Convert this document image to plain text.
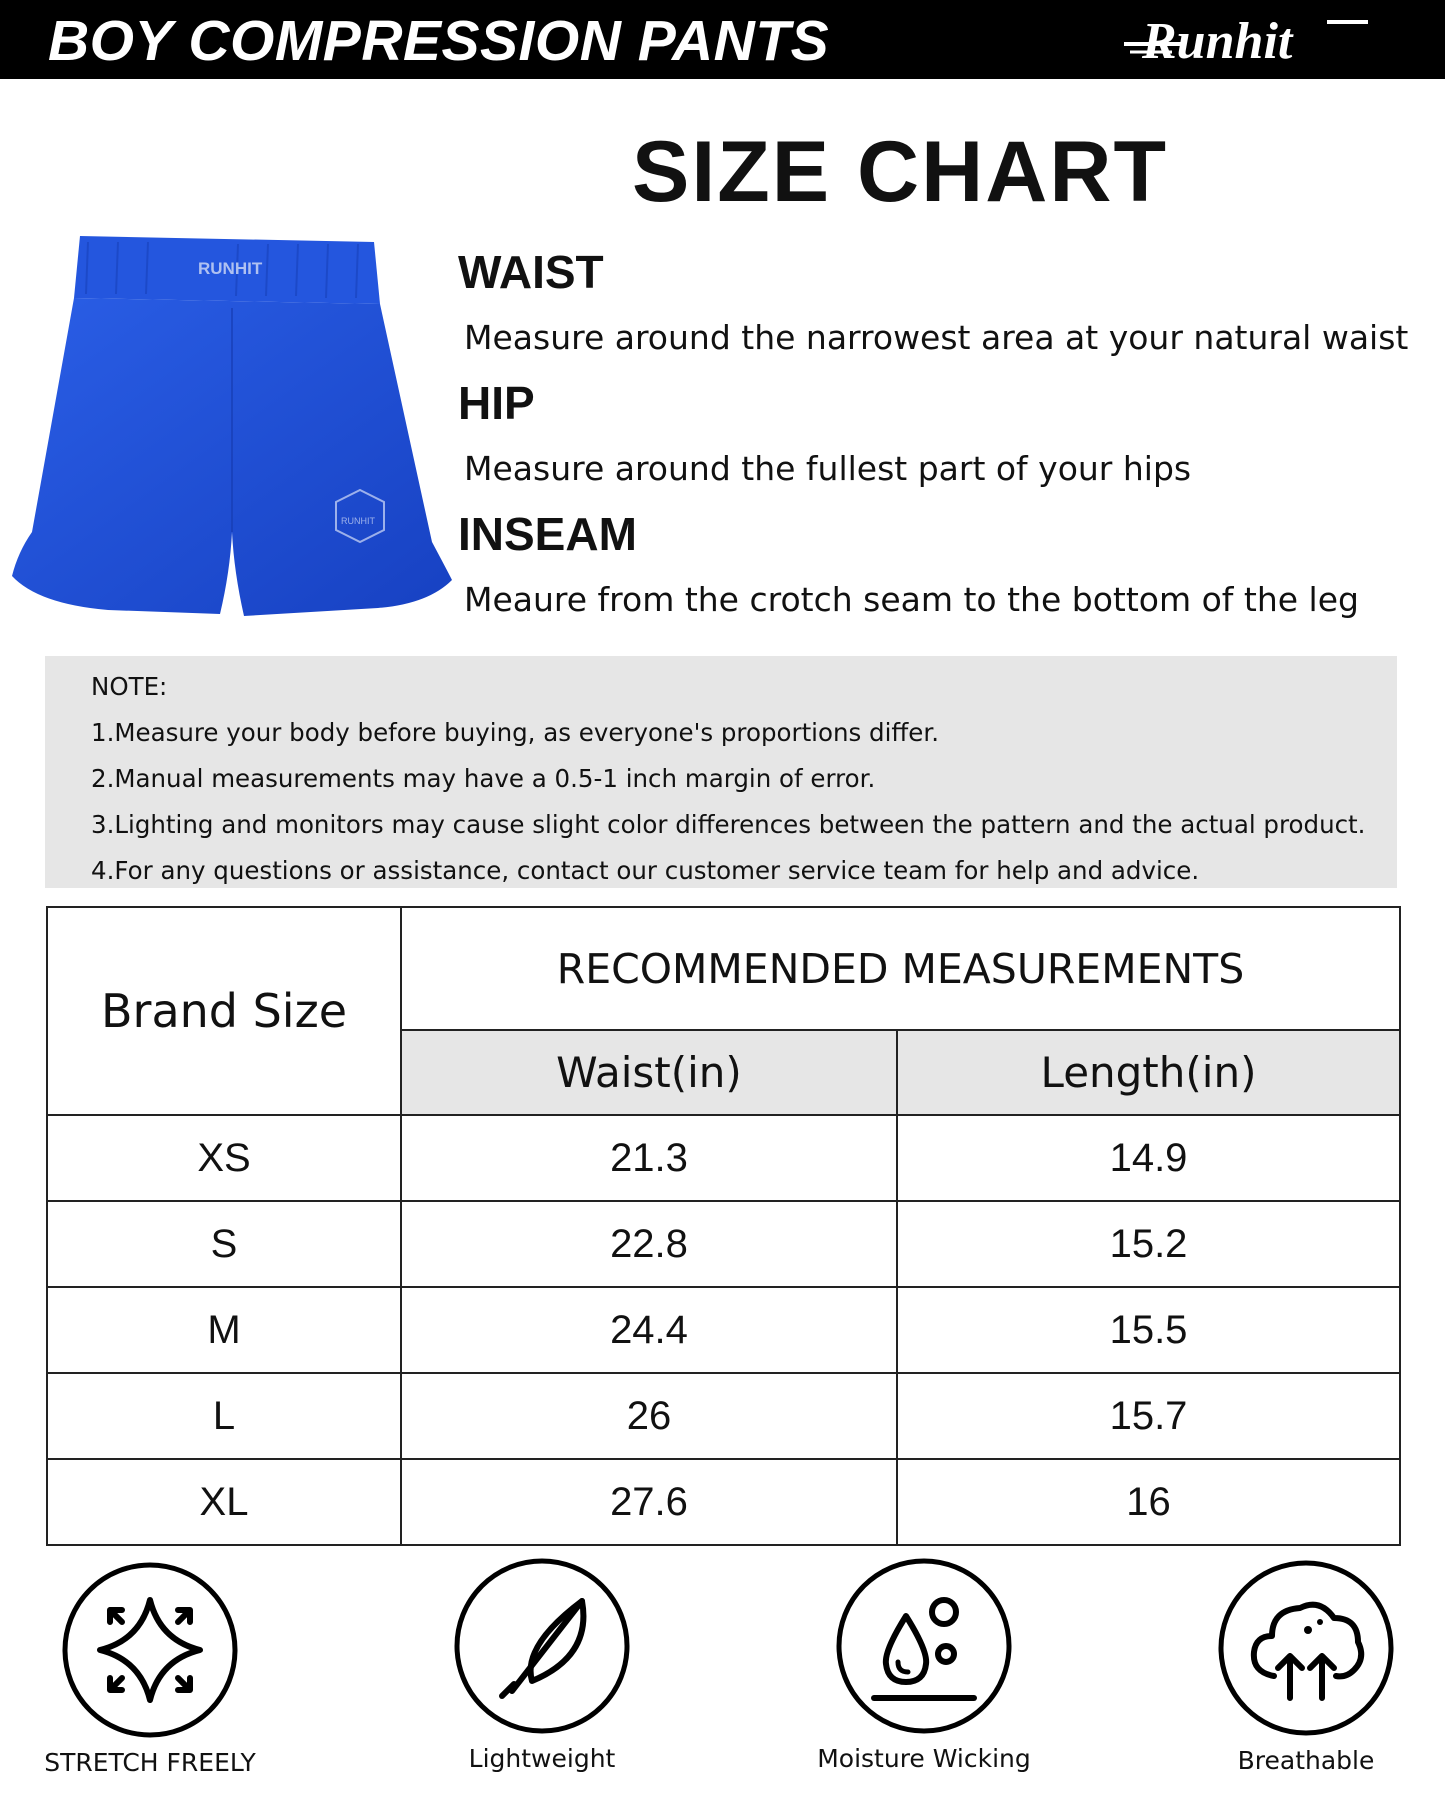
BOY COMPRESSION PANTS	Runhit
SIZE CHART
RUNHIT
RUNHIT
WAIST
Measure around the narrowest area at your natural waist
HIP
Measure around the fullest part of your hips
INSEAM
Meaure from the crotch seam to the bottom of the leg
NOTE:
1.Measure your body before buying, as everyone's proportions differ.
2.Manual measurements may have a 0.5-1 inch margin of error.
3.Lighting and monitors may cause slight color differences between the pattern and the actual product.
4.For any questions or assistance, contact our customer service team for help and advice.
Brand Size	RECOMMENDED MEASUREMENTS	
	Waist(in)	Length(in)
XS	21.3	14.9
S	22.8	15.2
M	24.4	15.5
L	26	15.7
XL	27.6	16
STRETCH FREELY	Lightweight	Moisture Wicking	Breathable
